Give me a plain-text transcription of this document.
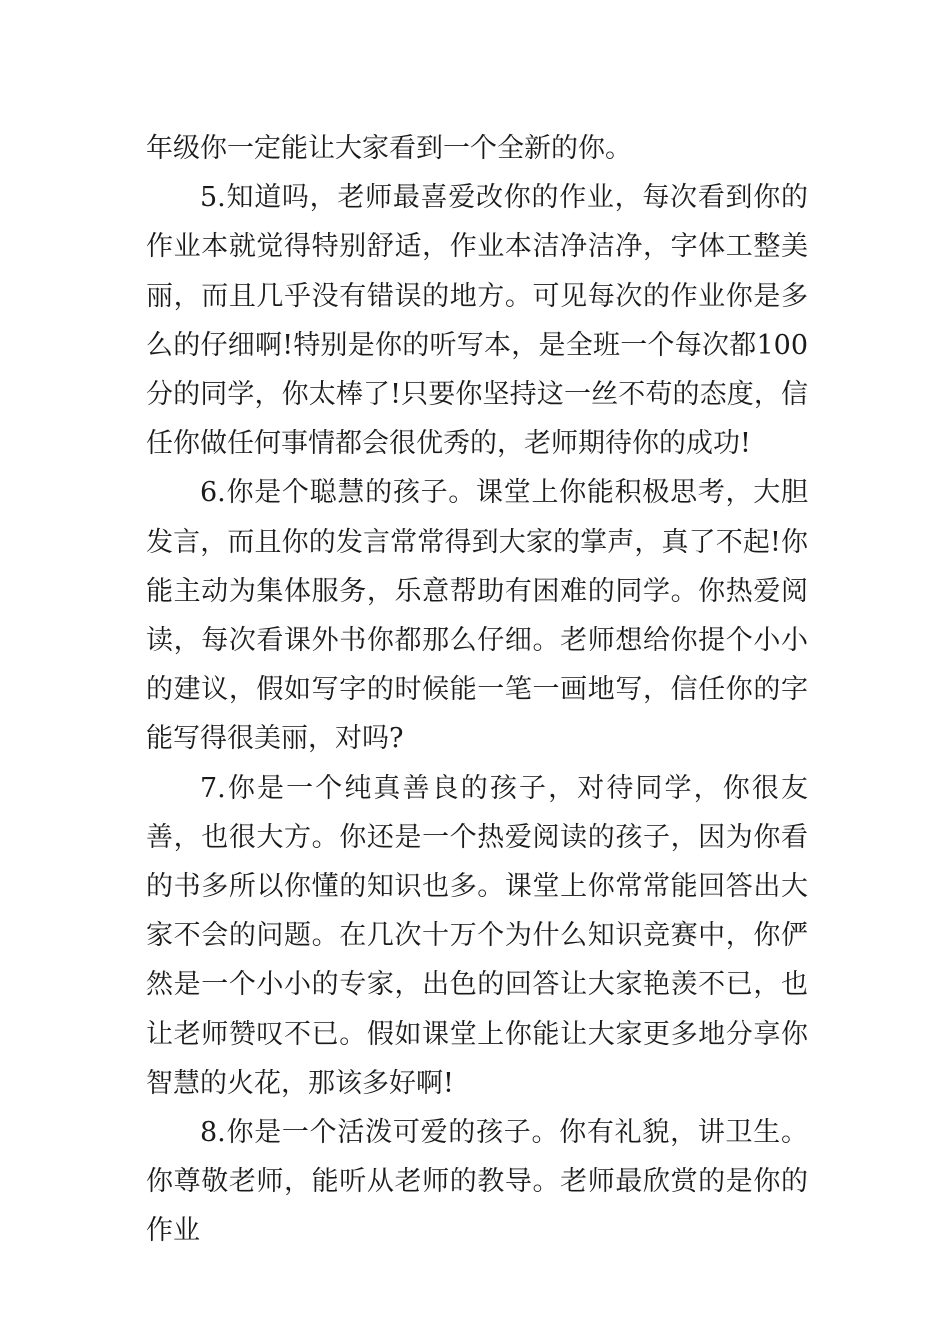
年级你一定能让大家看到一个全新的你。

5.知道吗，老师最喜爱改你的作业，每次看到你的作业本就觉得特别舒适，作业本洁净洁净，字体工整美丽，而且几乎没有错误的地方。可见每次的作业你是多么的仔细啊!特别是你的听写本，是全班一个每次都100分的同学，你太棒了!只要你坚持这一丝不苟的态度，信任你做任何事情都会很优秀的，老师期待你的成功!

6.你是个聪慧的孩子。课堂上你能积极思考，大胆发言，而且你的发言常常得到大家的掌声，真了不起!你能主动为集体服务，乐意帮助有困难的同学。你热爱阅读，每次看课外书你都那么仔细。老师想给你提个小小的建议，假如写字的时候能一笔一画地写，信任你的字能写得很美丽，对吗?

7.你是一个纯真善良的孩子，对待同学，你很友善，也很大方。你还是一个热爱阅读的孩子，因为你看的书多所以你懂的知识也多。课堂上你常常能回答出大家不会的问题。在几次十万个为什么知识竞赛中，你俨然是一个小小的专家，出色的回答让大家艳羡不已，也让老师赞叹不已。假如课堂上你能让大家更多地分享你智慧的火花，那该多好啊!

8.你是一个活泼可爱的孩子。你有礼貌，讲卫生。你尊敬老师，能听从老师的教导。老师最欣赏的是你的作业
